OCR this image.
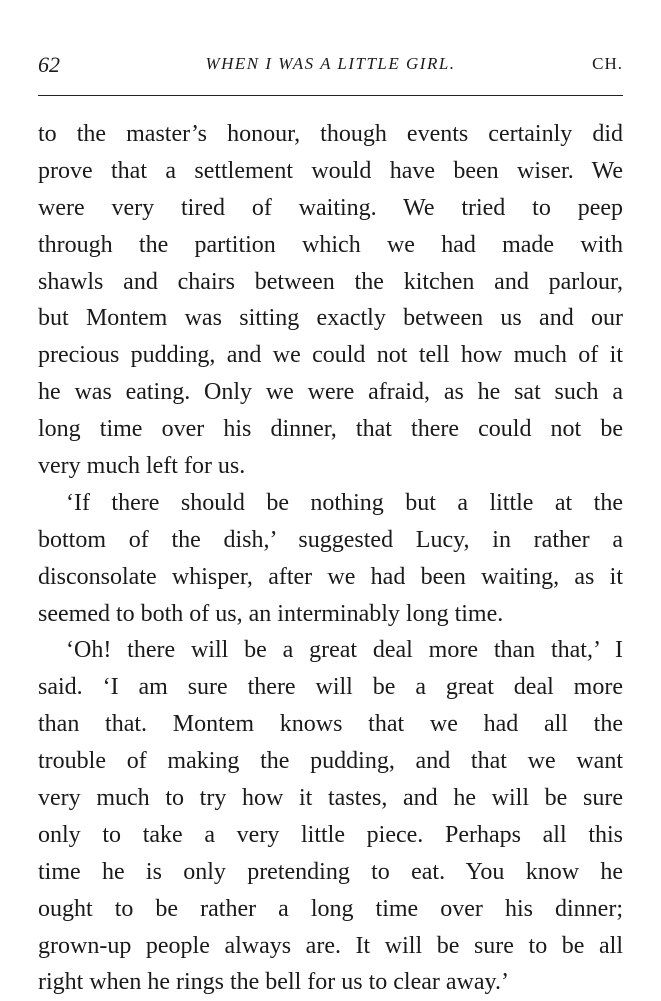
62	WHEN I WAS A LITTLE GIRL.	CH.
to the master’s honour, though events certainly did
prove that a settlement would have been wiser. We
were very tired of waiting. We tried to peep
through the partition which we had made with
shawls and chairs between the kitchen and parlour,
but Montem was sitting exactly between us and our
precious pudding, and we could not tell how much of it
he was eating. Only we were afraid, as he sat such a
long time over his dinner, that there could not be
very much left for us.
‘If there should be nothing but a little at the
bottom of the dish,’ suggested Lucy, in rather a
disconsolate whisper, after we had been waiting, as it
seemed to both of us, an interminably long time.
‘Oh! there will be a great deal more than that,’ I
said. ‘I am sure there will be a great deal more
than that. Montem knows that we had all the
trouble of making the pudding, and that we want
very much to try how it tastes, and he will be sure
only to take a very little piece. Perhaps all this
time he is only pretending to eat. You know he
ought to be rather a long time over his dinner;
grown-up people always are. It will be sure to be all
right when he rings the bell for us to clear away.’
